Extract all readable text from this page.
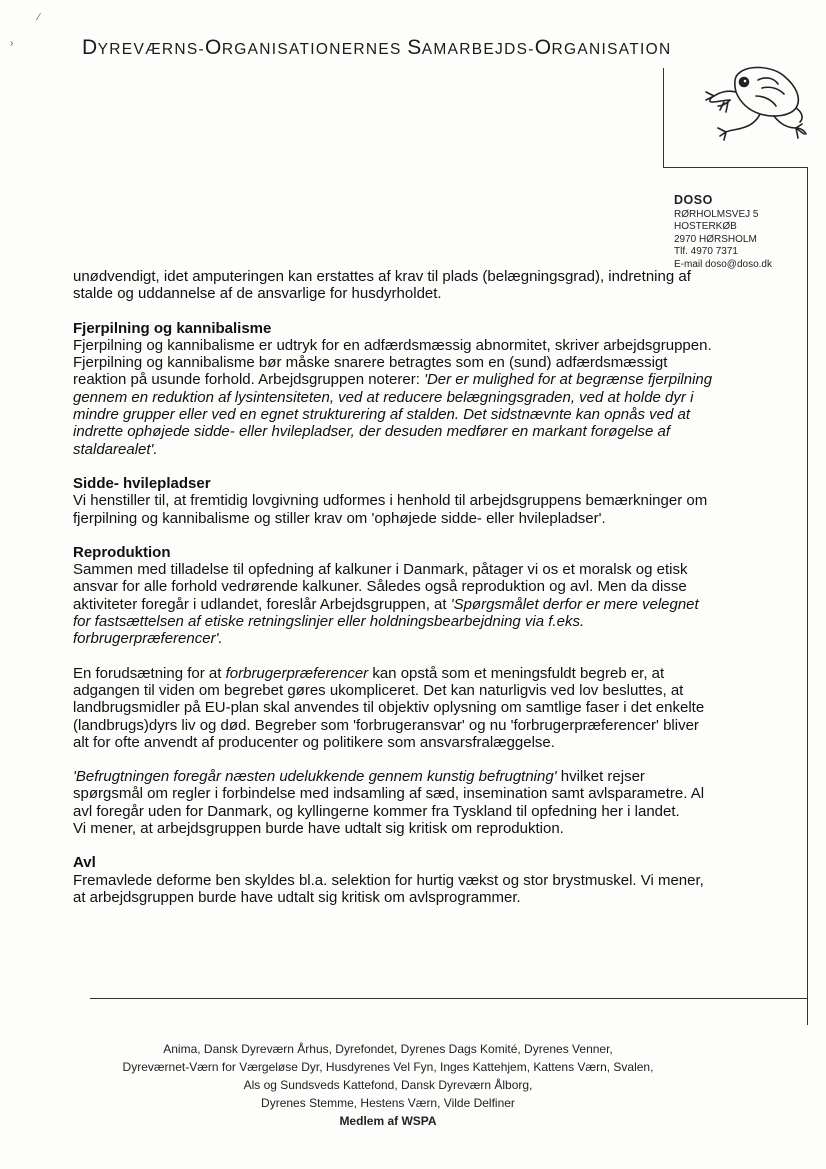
⁄
›	DYREVÆRNS-ORGANISATIONERNES SAMARBEJDS-ORGANISATION
DOSO
RØRHOLMSVEJ 5
HOSTERKØB
2970 HØRSHOLM
Tlf. 4970 7371
E-mail doso@doso.dk

unødvendigt, idet amputeringen kan erstattes af krav til plads (belægningsgrad), indretning af stalde og uddannelse af de ansvarlige for husdyrholdet.

Fjerpilning og kannibalisme

Fjerpilning og kannibalisme er udtryk for en adfærdsmæssig abnormitet, skriver arbejdsgruppen. Fjerpilning og kannibalisme bør måske snarere betragtes som en (sund) adfærdsmæssigt reaktion på usunde forhold. Arbejdsgruppen noterer: 'Der er mulighed for at begrænse fjerpilning gennem en reduktion af lysintensiteten, ved at reducere belægningsgraden, ved at holde dyr i mindre grupper eller ved en egnet strukturering af stalden. Det sidstnævnte kan opnås ved at indrette ophøjede sidde- eller hvilepladser, der desuden medfører en markant forøgelse af staldarealet'.

Sidde- hvilepladser

Vi henstiller til, at fremtidig lovgivning udformes i henhold til arbejdsgruppens bemærkninger om fjerpilning og kannibalisme og stiller krav om 'ophøjede sidde- eller hvilepladser'.

Reproduktion

Sammen med tilladelse til opfedning af kalkuner i Danmark, påtager vi os et moralsk og etisk ansvar for alle forhold vedrørende kalkuner. Således også reproduktion og avl. Men da disse aktiviteter foregår i udlandet, foreslår Arbejdsgruppen, at 'Spørgsmålet derfor er mere velegnet for fastsættelsen af etiske retningslinjer eller holdningsbearbejdning via f.eks. forbrugerpræferencer'.

En forudsætning for at forbrugerpræferencer kan opstå som et meningsfuldt begreb er, at adgangen til viden om begrebet gøres ukompliceret. Det kan naturligvis ved lov besluttes, at landbrugsmidler på EU-plan skal anvendes til objektiv oplysning om samtlige faser i det enkelte (landbrugs)dyrs liv og død. Begreber som 'forbrugeransvar' og nu 'forbrugerpræferencer' bliver alt for ofte anvendt af producenter og politikere som ansvarsfralæggelse.

'Befrugtningen foregår næsten udelukkende gennem kunstig befrugtning' hvilket rejser spørgsmål om regler i forbindelse med indsamling af sæd, insemination samt avlsparametre. Al avl foregår uden for Danmark, og kyllingerne kommer fra Tyskland til opfedning her i landet.
Vi mener, at arbejdsgruppen burde have udtalt sig kritisk om reproduktion.

Avl

Fremavlede deforme ben skyldes bl.a. selektion for hurtig vækst og stor brystmuskel. Vi mener, at arbejdsgruppen burde have udtalt sig kritisk om avlsprogrammer.

Anima, Dansk Dyreværn Århus, Dyrefondet, Dyrenes Dags Komité, Dyrenes Venner,
Dyreværnet-Værn for Værgeløse Dyr, Husdyrenes Vel Fyn, Inges Kattehjem, Kattens Værn, Svalen,
Als og Sundsveds Kattefond, Dansk Dyreværn Ålborg,
Dyrenes Stemme, Hestens Værn, Vilde Delfiner
Medlem af WSPA
